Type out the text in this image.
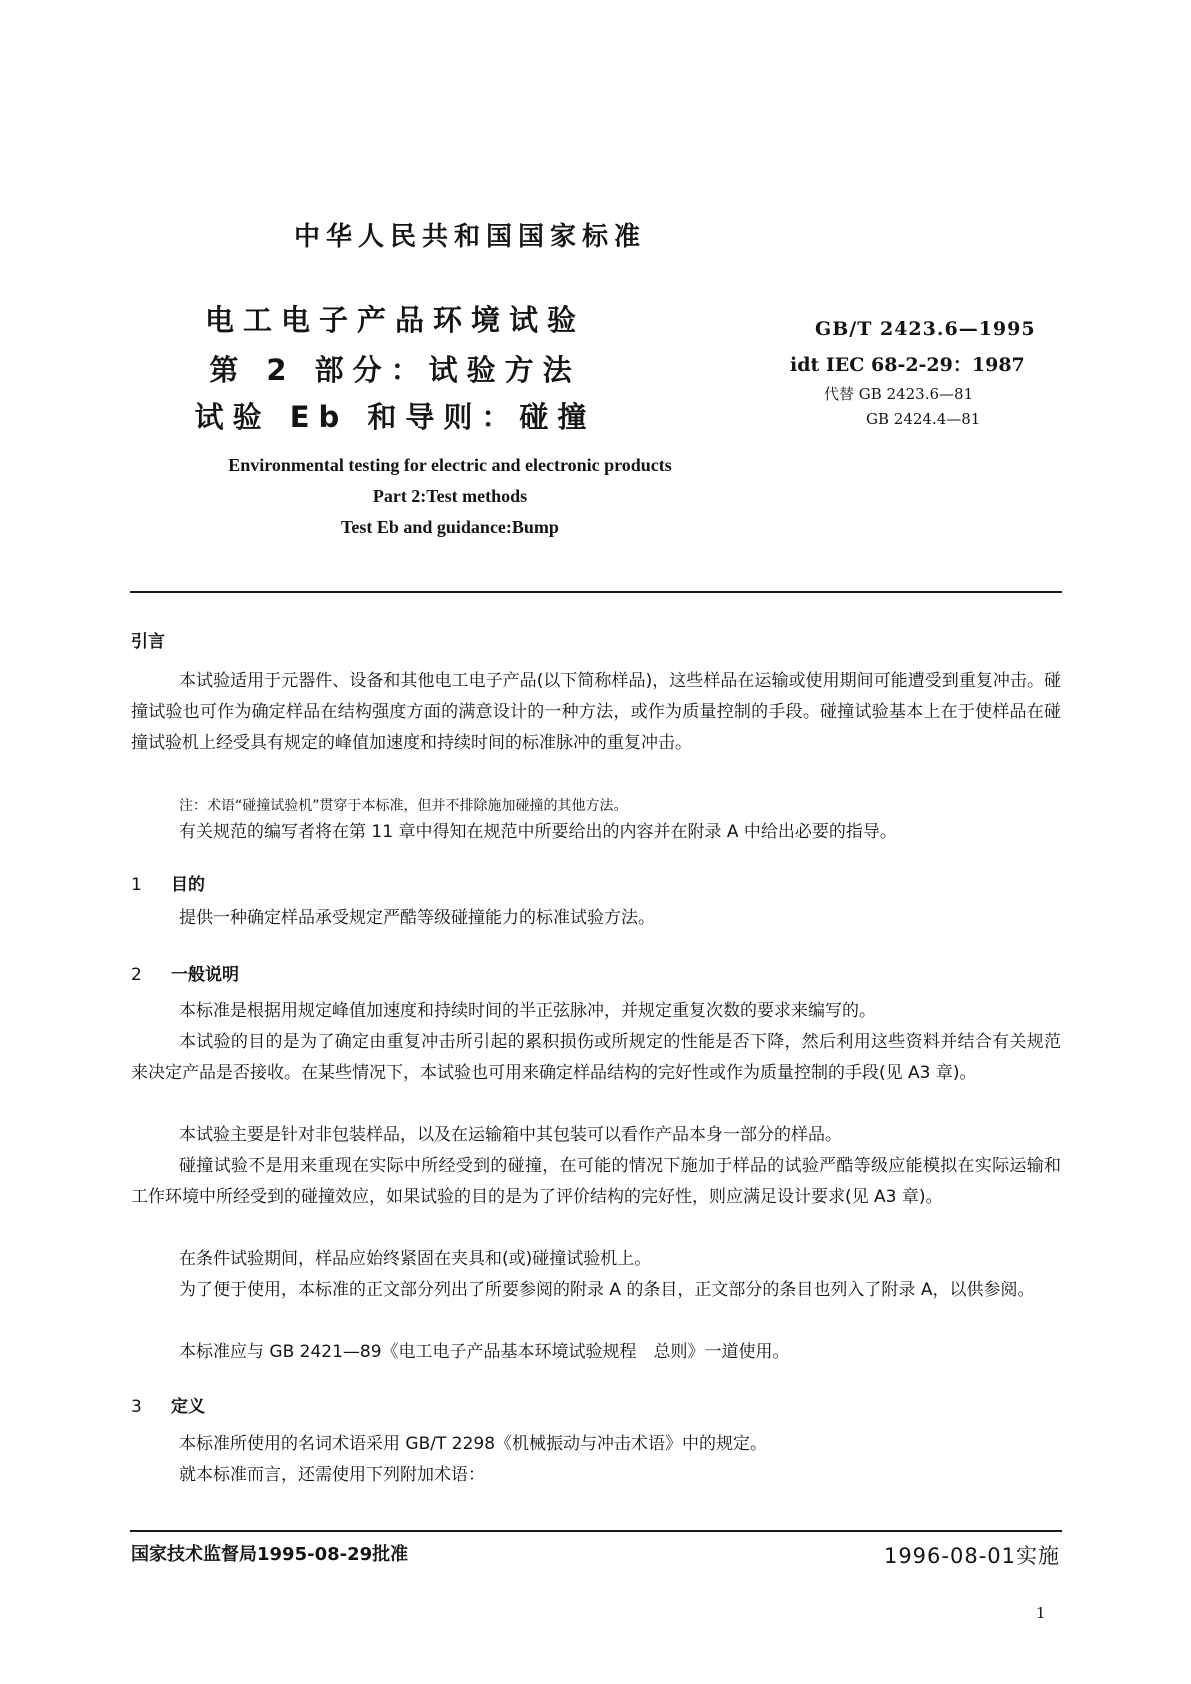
中华人民共和国国家标准
电工电子产品环境试验
第 2 部分：试验方法
试验 Eb 和导则：碰撞
GB/T 2423.6—1995
idt IEC 68-2-29：1987
代替 GB 2423.6—81
GB 2424.4—81
Environmental testing for electric and electronic products
Part 2:Test methods
Test Eb and guidance:Bump
引言

本试验适用于元器件、设备和其他电工电子产品(以下简称样品)，这些样品在运输或使用期间可能遭受到重复冲击。碰撞试验也可作为确定样品在结构强度方面的满意设计的一种方法，或作为质量控制的手段。碰撞试验基本上在于使样品在碰撞试验机上经受具有规定的峰值加速度和持续时间的标准脉冲的重复冲击。

注：术语“碰撞试验机”贯穿于本标准，但并不排除施加碰撞的其他方法。

有关规范的编写者将在第 11 章中得知在规范中所要给出的内容并在附录 A 中给出必要的指导。

1 目的

提供一种确定样品承受规定严酷等级碰撞能力的标准试验方法。

2 一般说明

本标准是根据用规定峰值加速度和持续时间的半正弦脉冲，并规定重复次数的要求来编写的。

本试验的目的是为了确定由重复冲击所引起的累积损伤或所规定的性能是否下降，然后利用这些资料并结合有关规范来决定产品是否接收。在某些情况下，本试验也可用来确定样品结构的完好性或作为质量控制的手段(见 A3 章)。

本试验主要是针对非包装样品，以及在运输箱中其包装可以看作产品本身一部分的样品。

碰撞试验不是用来重现在实际中所经受到的碰撞，在可能的情况下施加于样品的试验严酷等级应能模拟在实际运输和工作环境中所经受到的碰撞效应，如果试验的目的是为了评价结构的完好性，则应满足设计要求(见 A3 章)。

在条件试验期间，样品应始终紧固在夹具和(或)碰撞试验机上。

为了便于使用，本标准的正文部分列出了所要参阅的附录 A 的条目，正文部分的条目也列入了附录 A，以供参阅。

本标准应与 GB 2421—89《电工电子产品基本环境试验规程　总则》一道使用。

3 定义

本标准所使用的名词术语采用 GB/T 2298《机械振动与冲击术语》中的规定。

就本标准而言，还需使用下列附加术语：

国家技术监督局1995-08-29批准	1996-08-01实施
1
